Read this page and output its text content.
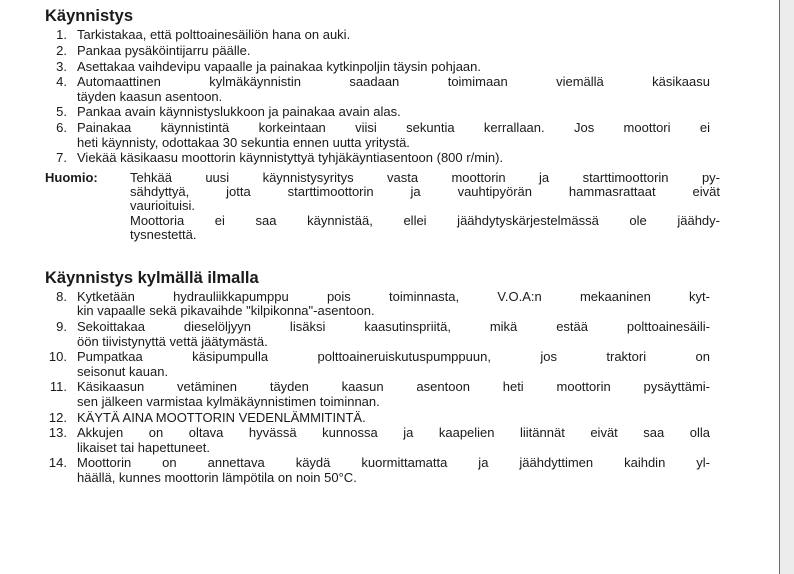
Käynnistys
1. Tarkistakaa, että polttoainesäiliön hana on auki.
2. Pankaa pysäköintijarru päälle.
3. Asettakaa vaihdevipu vapaalle ja painakaa kytkinpoljin täysin pohjaan.
4. Automaattinen kylmäkäynnistin saadaan toimimaan viemällä käsikaasu
täyden kaasun asentoon.
5. Pankaa avain käynnistyslukkoon ja painakaa avain alas.
6. Painakaa käynnistintä korkeintaan viisi sekuntia kerrallaan. Jos moottori ei
heti käynnisty, odottakaa 30 sekuntia ennen uutta yritystä.
7. Viekää käsikaasu moottorin käynnistyttyä tyhjäkäyntiasentoon (800 r/min).
Huomio:	Tehkää uusi käynnistysyritys vasta moottorin ja starttimoottorin py-
sähdyttyä, jotta starttimoottorin ja vauhtipyörän hammasrattaat eivät
vaurioituisi.
Moottoria ei saa käynnistää, ellei jäähdytyskärjestelmässä ole jäähdy-
tysnestettä.
Käynnistys kylmällä ilmalla
8. Kytketään hydrauliikkapumppu pois toiminnasta, V.O.A:n mekaaninen kyt-
kin vapaalle sekä pikavaihde "kilpikonna"-asentoon.
9. Sekoittakaa dieselöljyyn lisäksi kaasutinspriitä, mikä estää polttoainesäili-
öön tiivistynyttä vettä jäätymästä.
10. Pumpatkaa käsipumpulla polttoaineruiskutuspumppuun, jos traktori on
seisonut kauan.
11. Käsikaasun vetäminen täyden kaasun asentoon heti moottorin pysäyttämi-
sen jälkeen varmistaa kylmäkäynnistimen toiminnan.
12. KÄYTÄ AINA MOOTTORIN VEDENLÄMMITINTÄ.
13. Akkujen on oltava hyvässä kunnossa ja kaapelien liitännät eivät saa olla
likaiset tai hapettuneet.
14. Moottorin on annettava käydä kuormittamatta ja jäähdyttimen kaihdin yl-
häällä, kunnes moottorin lämpötila on noin 50°C.
